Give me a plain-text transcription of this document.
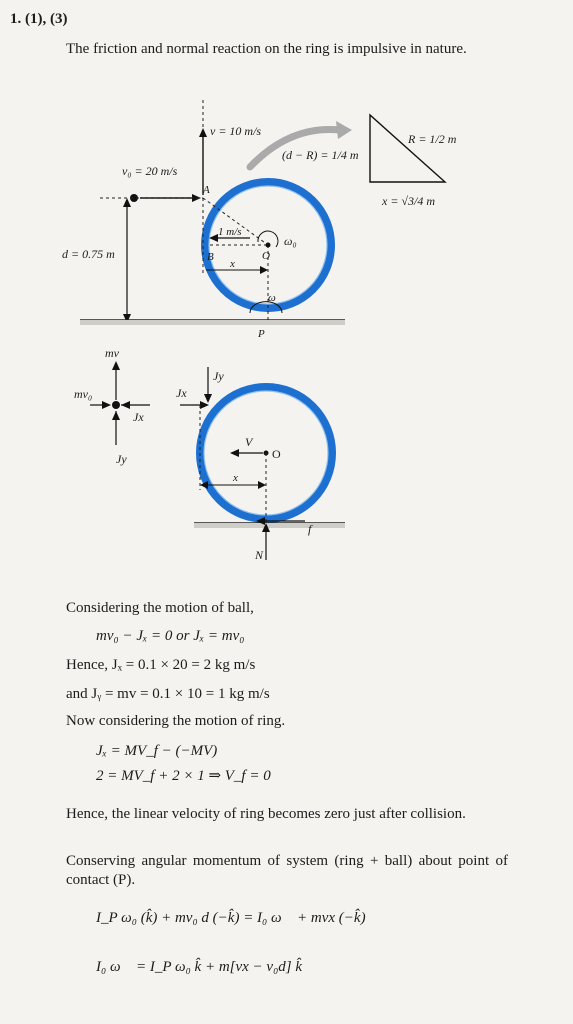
1. (1), (3)
The friction and normal reaction on the ring is impulsive in nature.
v = 10 m/s
(d − R) = 1/4 m
R = 1/2 m
x = √3/4 m
v₀ = 20 m/s
A
d = 0.75 m
1 m/s
B	O
ω₀
x
ω
P
mv
mv₀
Jx
Jy
Jy
Jx
V
O
x
f
N
Considering the motion of ball,
mv₀ − Jₓ = 0 or Jₓ = mv₀
Hence, Jₓ = 0.1 × 20 = 2 kg m/s
and Jᵧ = mv = 0.1 × 10 = 1 kg m/s
Now considering the motion of ring.
Jₓ = MV_f − (−MV)
2 = MV_f + 2 × 1 ⇒ V_f = 0
Hence, the linear velocity of ring becomes zero just after collision.
Conserving angular momentum of system (ring + ball) about point of contact (P).
I_P ω₀ (k̂) + mv₀ d (−k̂) = I₀ ω⃗ + mvx (−k̂)
I₀ ω⃗ = I_P ω₀ k̂ + m[vx − v₀d] k̂
